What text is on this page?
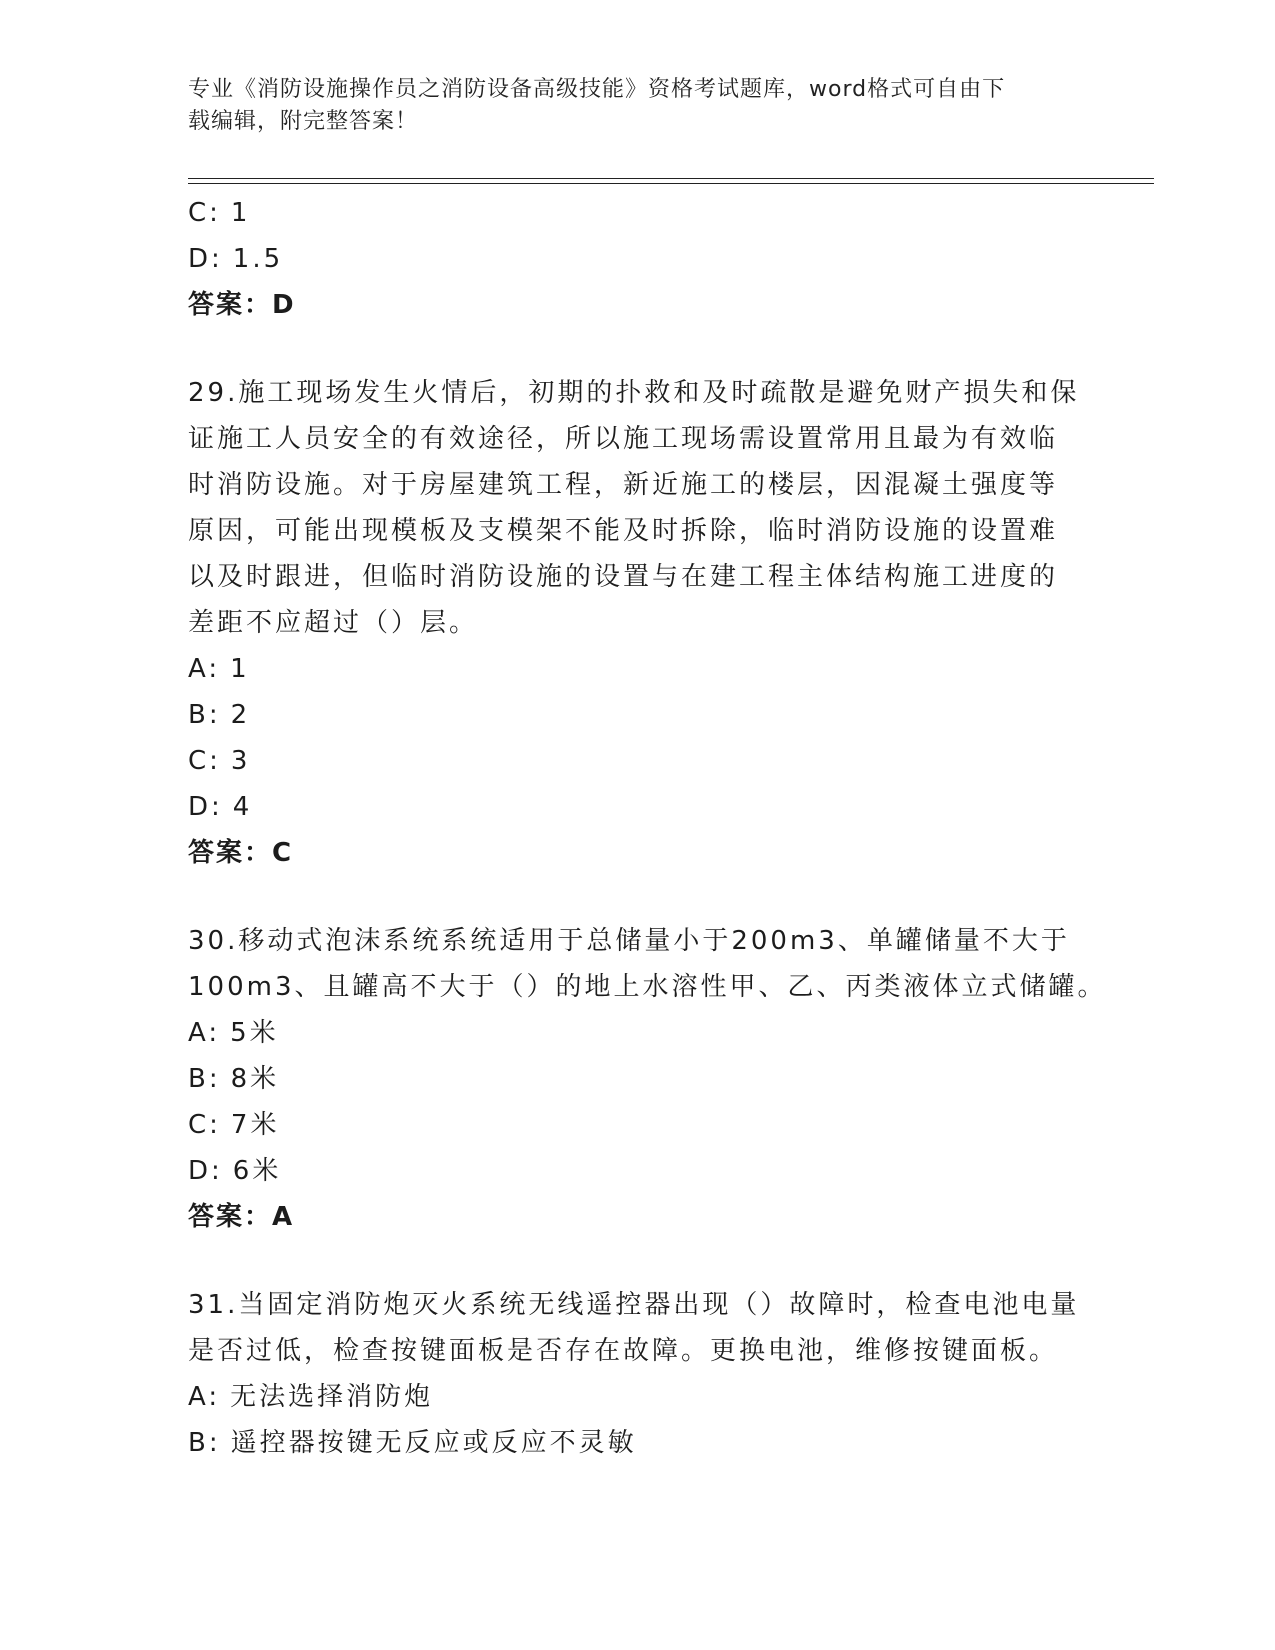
专业《消防设施操作员之消防设备高级技能》资格考试题库，word格式可自由下
载编辑，附完整答案！
C: 1
D: 1.5
答案：D
29.施工现场发生火情后，初期的扑救和及时疏散是避免财产损失和保
证施工人员安全的有效途径，所以施工现场需设置常用且最为有效临
时消防设施。对于房屋建筑工程，新近施工的楼层，因混凝土强度等
原因，可能出现模板及支模架不能及时拆除，临时消防设施的设置难
以及时跟进，但临时消防设施的设置与在建工程主体结构施工进度的
差距不应超过（）层。
A: 1
B: 2
C: 3
D: 4
答案：C
30.移动式泡沫系统系统适用于总储量小于200m3、单罐储量不大于
100m3、且罐高不大于（）的地上水溶性甲、乙、丙类液体立式储罐。
A: 5米
B: 8米
C: 7米
D: 6米
答案：A
31.当固定消防炮灭火系统无线遥控器出现（）故障时，检查电池电量
是否过低，检查按键面板是否存在故障。更换电池，维修按键面板。
A: 无法选择消防炮
B: 遥控器按键无反应或反应不灵敏
